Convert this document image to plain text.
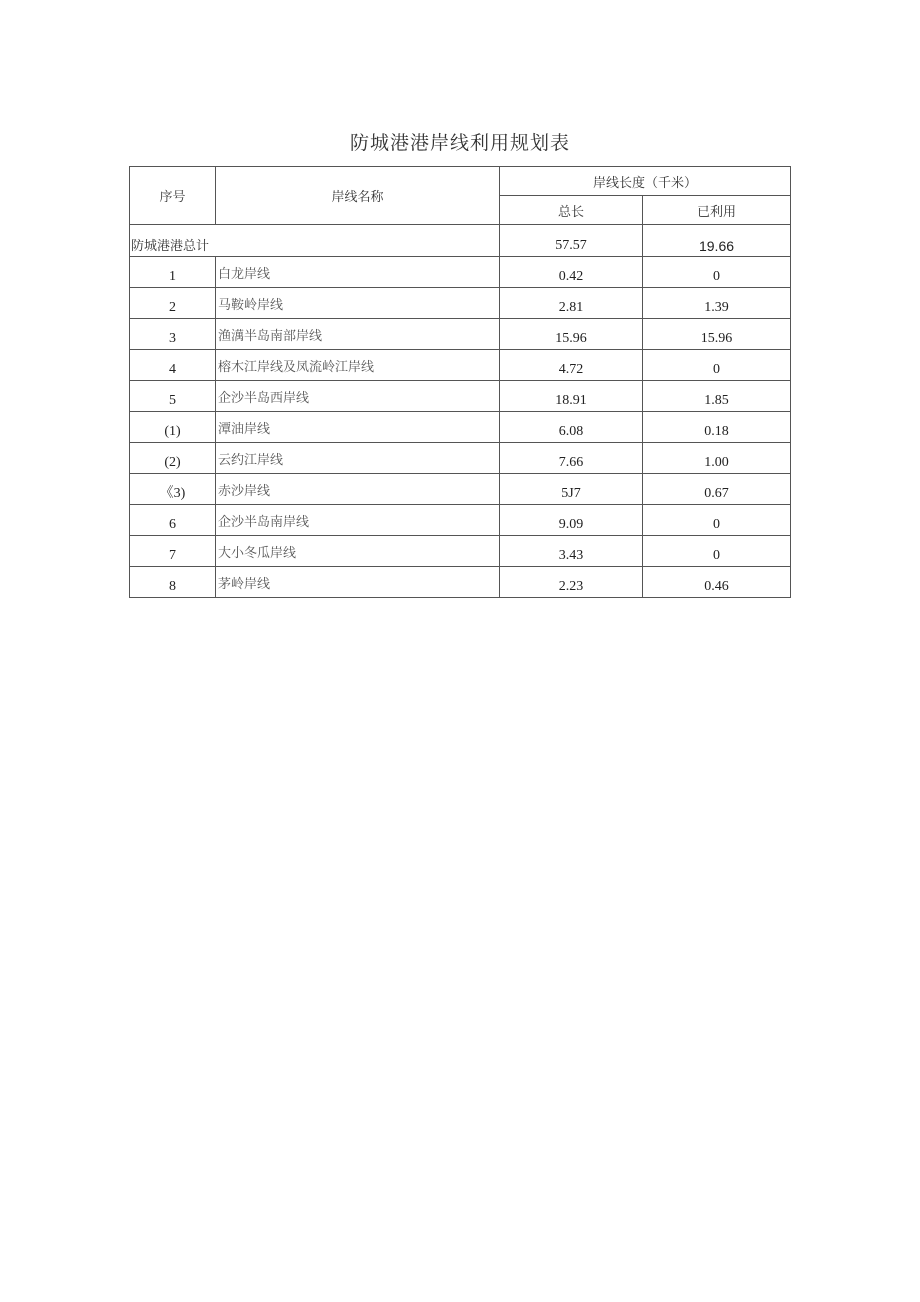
防城港港岸线利用规划表
序号	岸线名称	岸线长度（千米）	
		总长	已利用
防城港港总计		57.57	19.66
1	白龙岸线	0.42	0
2	马鞍岭岸线	2.81	1.39
3	渔澫半岛南部岸线	15.96	15.96
4	榕木江岸线及凤流岭江岸线	4.72	0
5	企沙半岛西岸线	18.91	1.85
(1)	潭油岸线	6.08	0.18
(2)	云约江岸线	7.66	1.00
《3)	赤沙岸线	5J7	0.67
6	企沙半岛南岸线	9.09	0
7	大小冬瓜岸线	3.43	0
8	茅岭岸线	2.23	0.46
